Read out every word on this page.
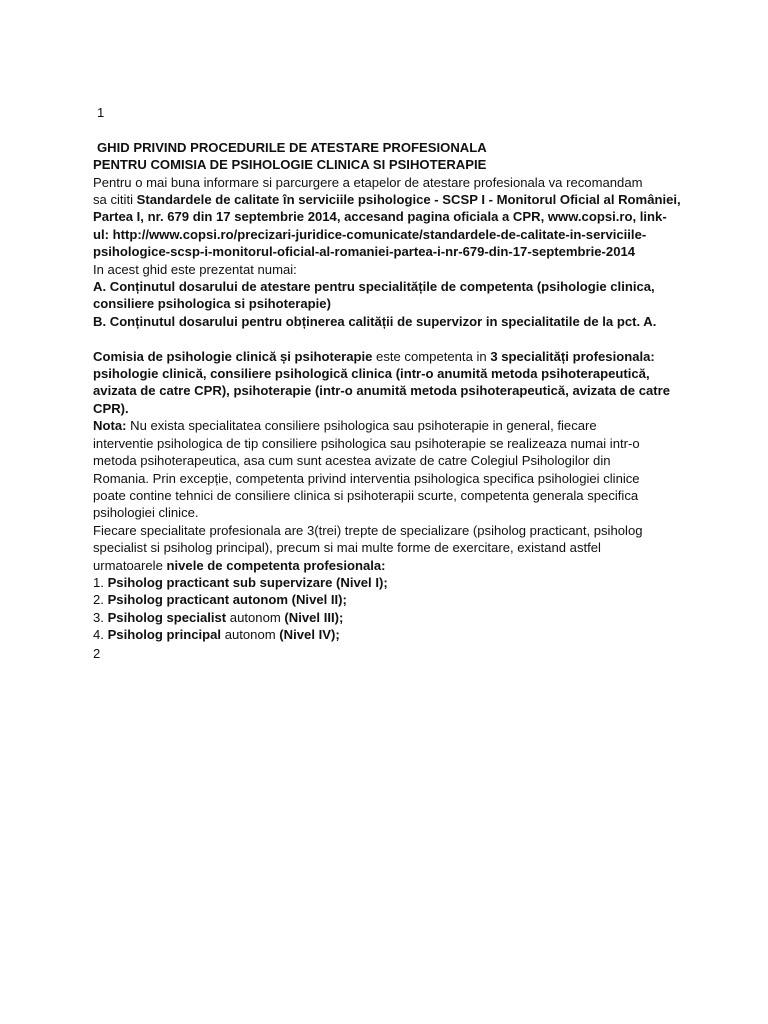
1
GHID PRIVIND PROCEDURILE DE ATESTARE PROFESIONALA
PENTRU COMISIA DE PSIHOLOGIE CLINICA SI PSIHOTERAPIE
Pentru o mai buna informare si parcurgere a etapelor de atestare profesionala va recomandam
sa cititi Standardele de calitate în serviciile psihologice - SCSP I - Monitorul Oficial al României,
Partea I, nr. 679 din 17 septembrie 2014, accesand pagina oficiala a CPR, www.copsi.ro, link-
ul: http://www.copsi.ro/precizari-juridice-comunicate/standardele-de-calitate-in-serviciile-
psihologice-scsp-i-monitorul-oficial-al-romaniei-partea-i-nr-679-din-17-septembrie-2014
In acest ghid este prezentat numai:
A. Conținutul dosarului de atestare pentru specialitățile de competenta (psihologie clinica,
consiliere psihologica si psihoterapie)
B. Conținutul dosarului pentru obținerea calității de supervizor in specialitatile de la pct. A.
Comisia de psihologie clinică și psihoterapie este competenta in 3 specialități profesionala:
psihologie clinică, consiliere psihologică clinica (intr-o anumită metoda psihoterapeutică,
avizata de catre CPR), psihoterapie (intr-o anumită metoda psihoterapeutică, avizata de catre
CPR).
Nota: Nu exista specialitatea consiliere psihologica sau psihoterapie in general, fiecare
interventie psihologica de tip consiliere psihologica sau psihoterapie se realizeaza numai intr-o
metoda psihoterapeutica, asa cum sunt acestea avizate de catre Colegiul Psihologilor din
Romania. Prin excepție, competenta privind interventia psihologica specifica psihologiei clinice
poate contine tehnici de consiliere clinica si psihoterapii scurte, competenta generala specifica
psihologiei clinice.
Fiecare specialitate profesionala are 3(trei) trepte de specializare (psiholog practicant, psiholog
specialist si psiholog principal), precum si mai multe forme de exercitare, existand astfel
urmatoarele nivele de competenta profesionala:
1. Psiholog practicant sub supervizare (Nivel I);
2. Psiholog practicant autonom (Nivel II);
3. Psiholog specialist autonom (Nivel III);
4. Psiholog principal autonom (Nivel IV);
2
